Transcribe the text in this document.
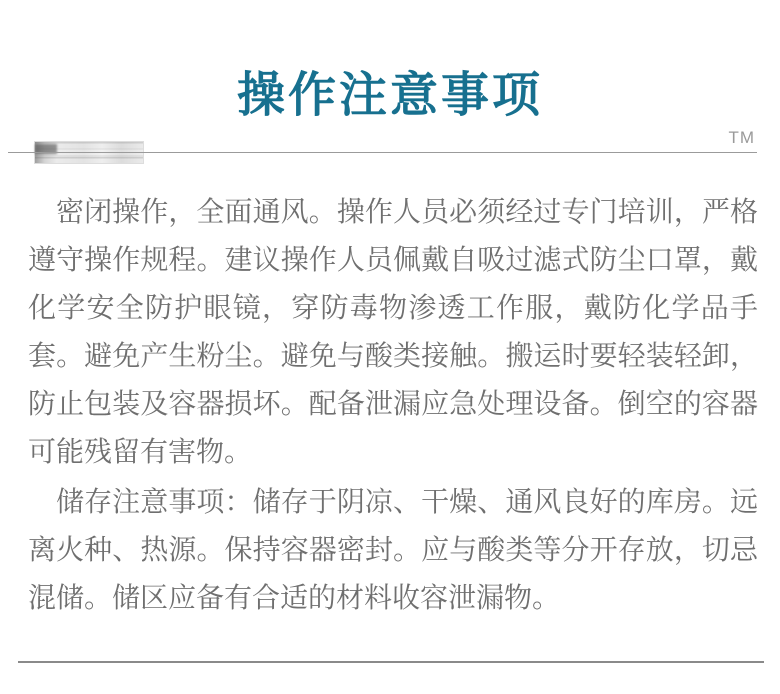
操作注意事项
TM

密闭操作，全面通风。操作人员必须经过专门培训，严格遵守操作规程。建议操作人员佩戴自吸过滤式防尘口罩，戴化学安全防护眼镜，穿防毒物渗透工作服，戴防化学品手套。避免产生粉尘。避免与酸类接触。搬运时要轻装轻卸，防止包装及容器损坏。配备泄漏应急处理设备。倒空的容器可能残留有害物。

储存注意事项：储存于阴凉、干燥、通风良好的库房。远离火种、热源。保持容器密封。应与酸类等分开存放，切忌混储。储区应备有合适的材料收容泄漏物。
